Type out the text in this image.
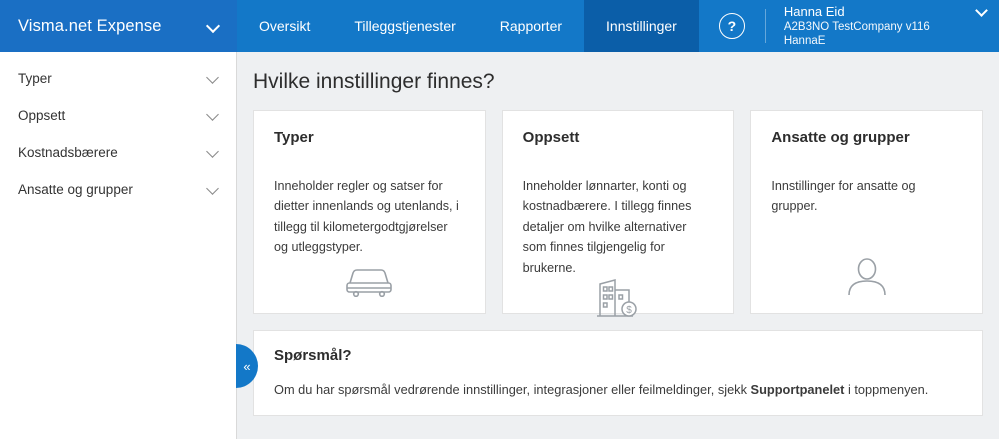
Visma.net Expense	Oversikt	Tilleggstjenester	Rapporter	Innstillinger	?
Hanna Eid
A2B3NO TestCompany v116 HannaE
Typer
Oppsett
Kostnadsbærere
Ansatte og grupper
«
Hvilke innstillinger finnes?
Typer
Inneholder regler og satser for dietter innenlands og utenlands, i tillegg til kilometergodtgjørelser og utleggstyper.
Oppsett
Inneholder lønnarter, konti og kostnadbærere. I tillegg finnes detaljer om hvilke alternativer som finnes tilgjengelig for brukerne.
$
Ansatte og grupper
Innstillinger for ansatte og grupper.
Spørsmål?
Om du har spørsmål vedrørende innstillinger, integrasjoner eller feilmeldinger, sjekk Supportpanelet i toppmenyen.
